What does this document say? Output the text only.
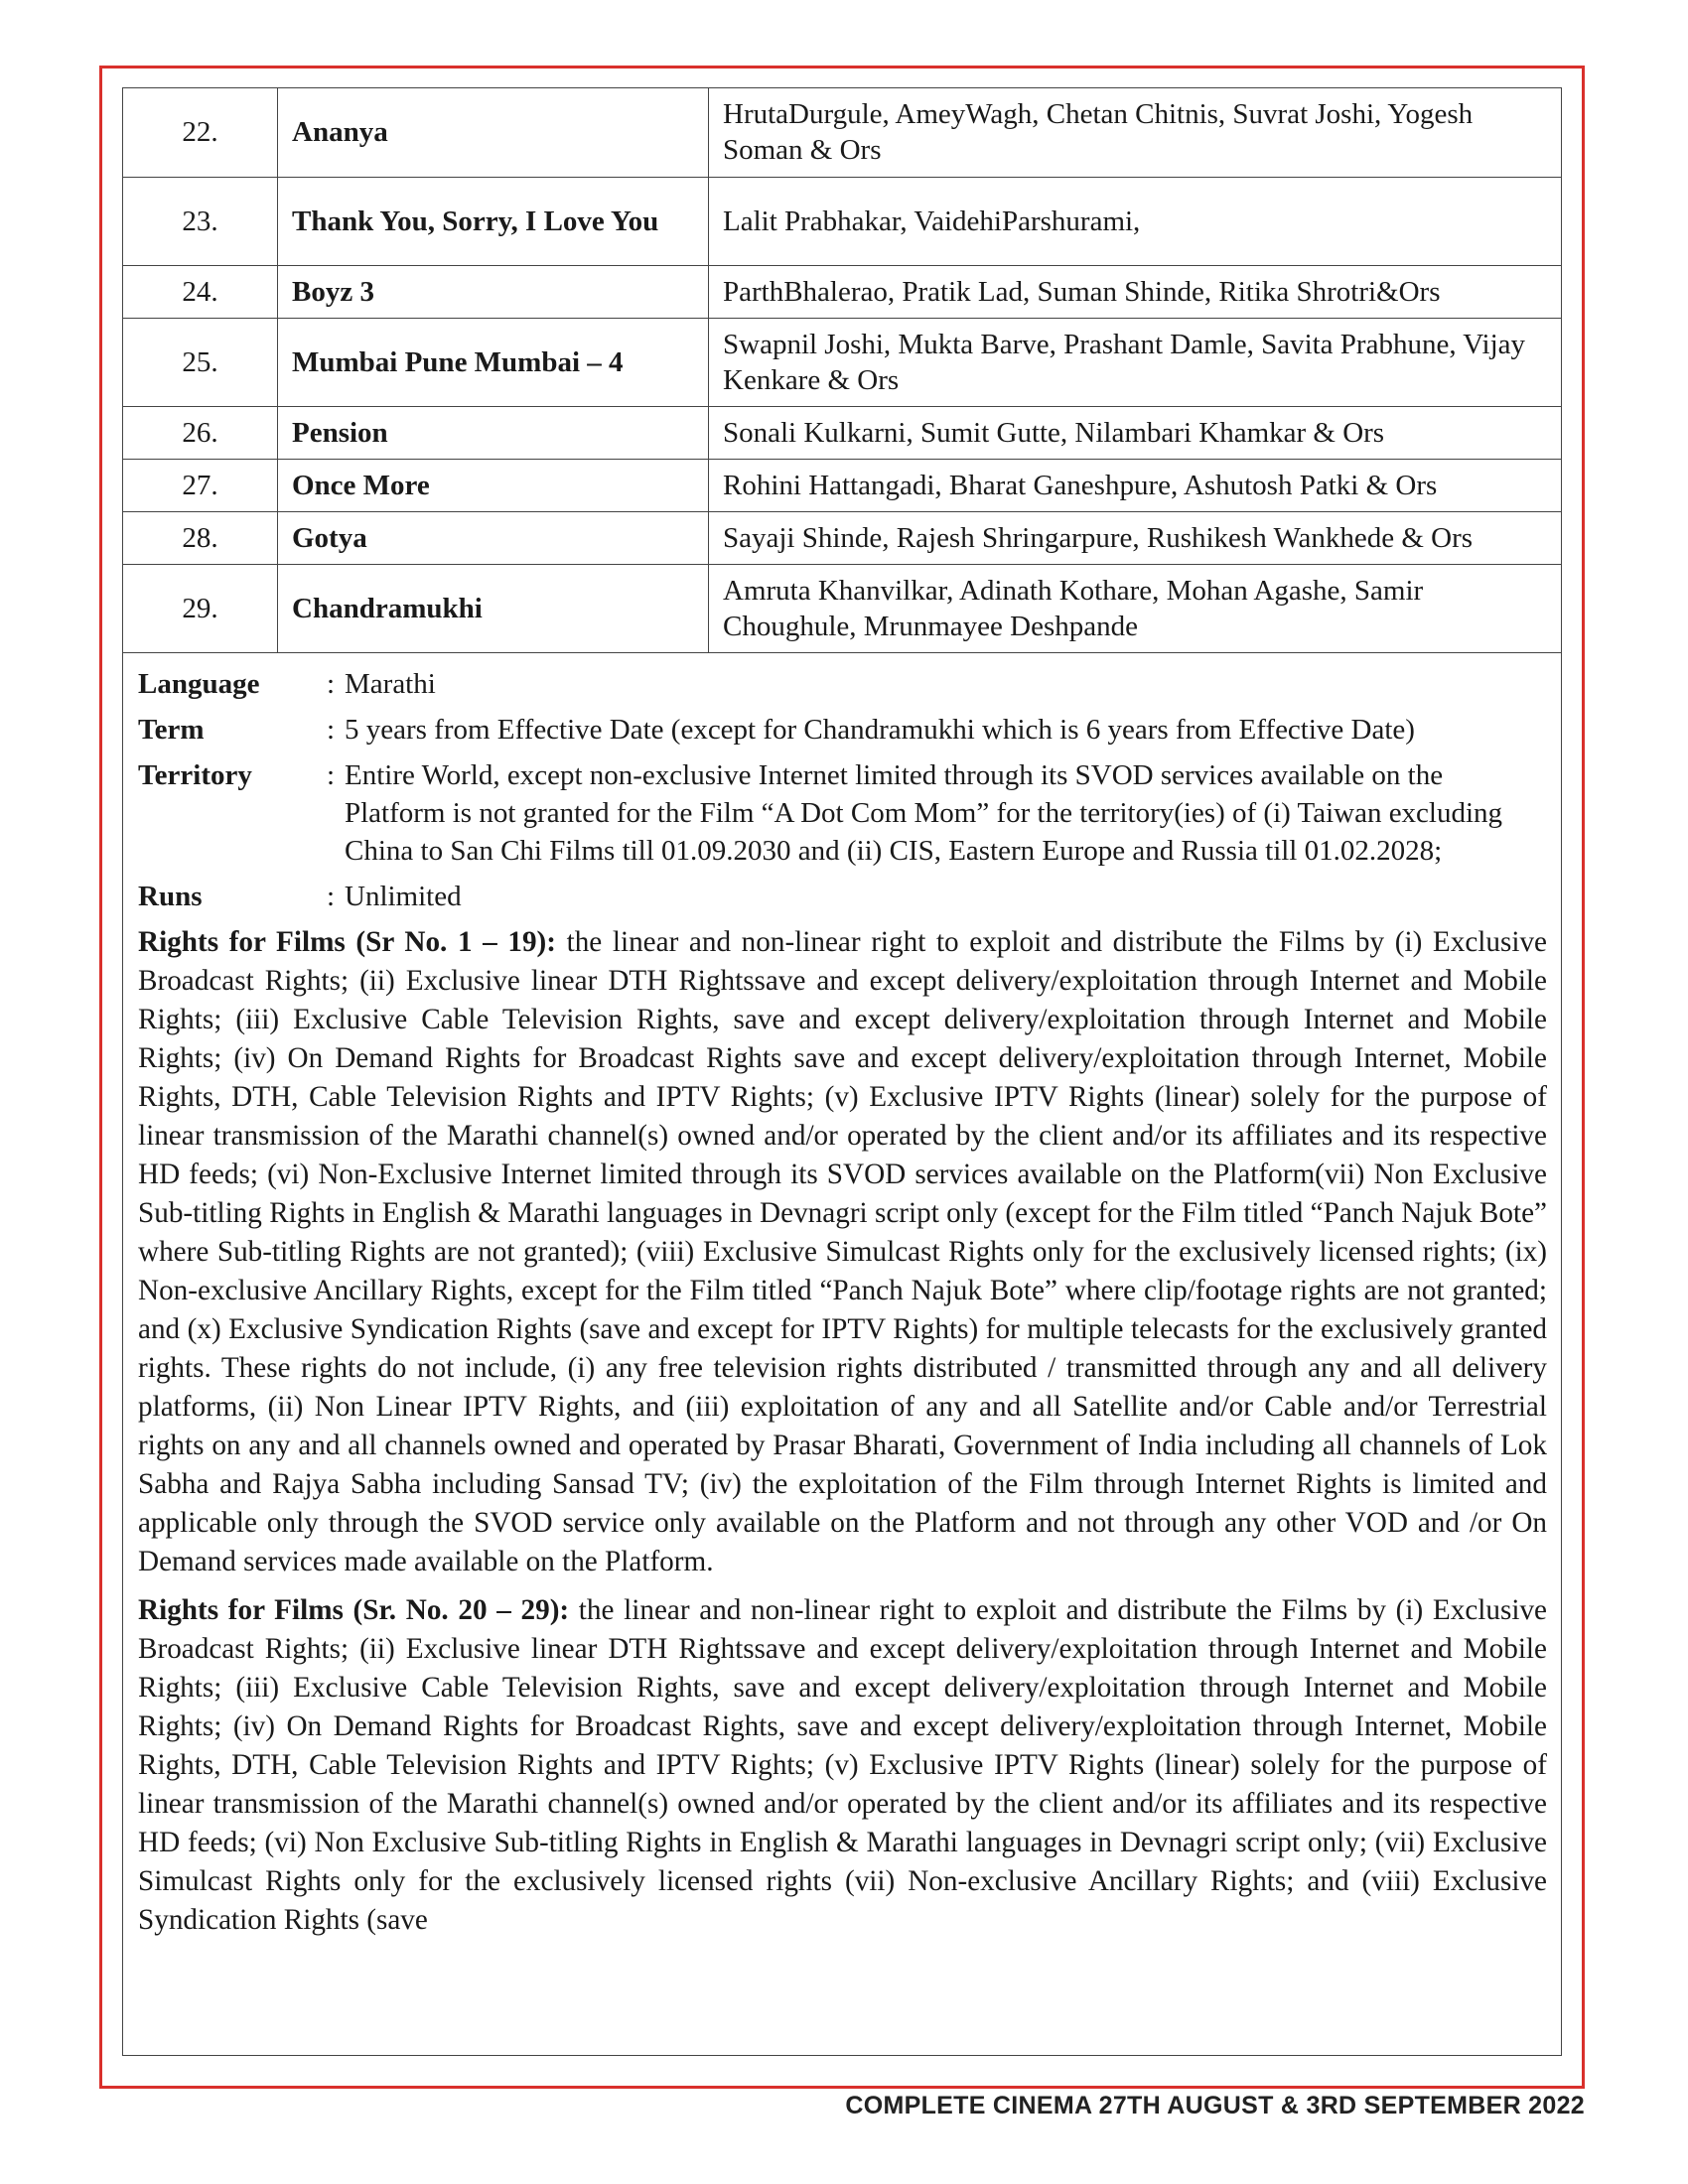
22.	Ananya	HrutaDurgule, AmeyWagh, Chetan Chitnis, Suvrat Joshi, Yogesh Soman & Ors
23.	Thank You, Sorry, I Love You	Lalit Prabhakar, VaidehiParshurami,
24.	Boyz 3	ParthBhalerao, Pratik Lad, Suman Shinde, Ritika Shrotri&Ors
25.	Mumbai Pune Mumbai – 4	Swapnil Joshi, Mukta Barve, Prashant Damle, Savita Prabhune, Vijay Kenkare & Ors
26.	Pension	Sonali Kulkarni, Sumit Gutte, Nilambari Khamkar & Ors
27.	Once More	Rohini Hattangadi, Bharat Ganeshpure, Ashutosh Patki & Ors
28.	Gotya	Sayaji Shinde, Rajesh Shringarpure, Rushikesh Wankhede & Ors
29.	Chandramukhi	Amruta Khanvilkar, Adinath Kothare, Mohan Agashe, Samir Choughule, Mrunmayee Deshpande
Language	: Marathi
Term	: 5 years from Effective Date (except for Chandramukhi which is 6 years from Effective Date)
Territory	: Entire World, except non-exclusive Internet limited through its SVOD services available on the Platform is not granted for the Film “A Dot Com Mom” for the territory(ies) of (i) Taiwan excluding China to San Chi Films till 01.09.2030 and (ii) CIS, Eastern Europe and Russia till 01.02.2028;
Runs	: Unlimited
Rights for Films (Sr No. 1 – 19): the linear and non-linear right to exploit and distribute the Films by (i) Exclusive Broadcast Rights; (ii) Exclusive linear DTH Rightssave and except delivery/exploitation through Internet and Mobile Rights; (iii) Exclusive Cable Television Rights, save and except delivery/exploitation through Internet and Mobile Rights; (iv) On Demand Rights for Broadcast Rights save and except delivery/exploitation through Internet, Mobile Rights, DTH, Cable Television Rights and IPTV Rights; (v) Exclusive IPTV Rights (linear) solely for the purpose of linear transmission of the Marathi channel(s) owned and/or operated by the client and/or its affiliates and its respective HD feeds; (vi) Non-Exclusive Internet limited through its SVOD services available on the Platform(vii) Non Exclusive Sub-titling Rights in English & Marathi languages in Devnagri script only (except for the Film titled “Panch Najuk Bote” where Sub-titling Rights are not granted); (viii) Exclusive Simulcast Rights only for the exclusively licensed rights; (ix) Non-exclusive Ancillary Rights, except for the Film titled “Panch Najuk Bote” where clip/footage rights are not granted; and (x) Exclusive Syndication Rights (save and except for IPTV Rights) for multiple telecasts for the exclusively granted rights. These rights do not include, (i) any free television rights distributed / transmitted through any and all delivery platforms, (ii) Non Linear IPTV Rights, and (iii) exploitation of any and all Satellite and/or Cable and/or Terrestrial rights on any and all channels owned and operated by Prasar Bharati, Government of India including all channels of Lok Sabha and Rajya Sabha including Sansad TV; (iv) the exploitation of the Film through Internet Rights is limited and applicable only through the SVOD service only available on the Platform and not through any other VOD and /or On Demand services made available on the Platform.
Rights for Films (Sr. No. 20 – 29): the linear and non-linear right to exploit and distribute the Films by (i) Exclusive Broadcast Rights; (ii) Exclusive linear DTH Rightssave and except delivery/exploitation through Internet and Mobile Rights; (iii) Exclusive Cable Television Rights, save and except delivery/exploitation through Internet and Mobile Rights; (iv) On Demand Rights for Broadcast Rights, save and except delivery/exploitation through Internet, Mobile Rights, DTH, Cable Television Rights and IPTV Rights; (v) Exclusive IPTV Rights (linear) solely for the purpose of linear transmission of the Marathi channel(s) owned and/or operated by the client and/or its affiliates and its respective HD feeds; (vi) Non Exclusive Sub-titling Rights in English & Marathi languages in Devnagri script only; (vii) Exclusive Simulcast Rights only for the exclusively licensed rights (vii) Non-exclusive Ancillary Rights; and (viii) Exclusive Syndication Rights (save
COMPLETE CINEMA 27TH AUGUST & 3RD SEPTEMBER 2022
